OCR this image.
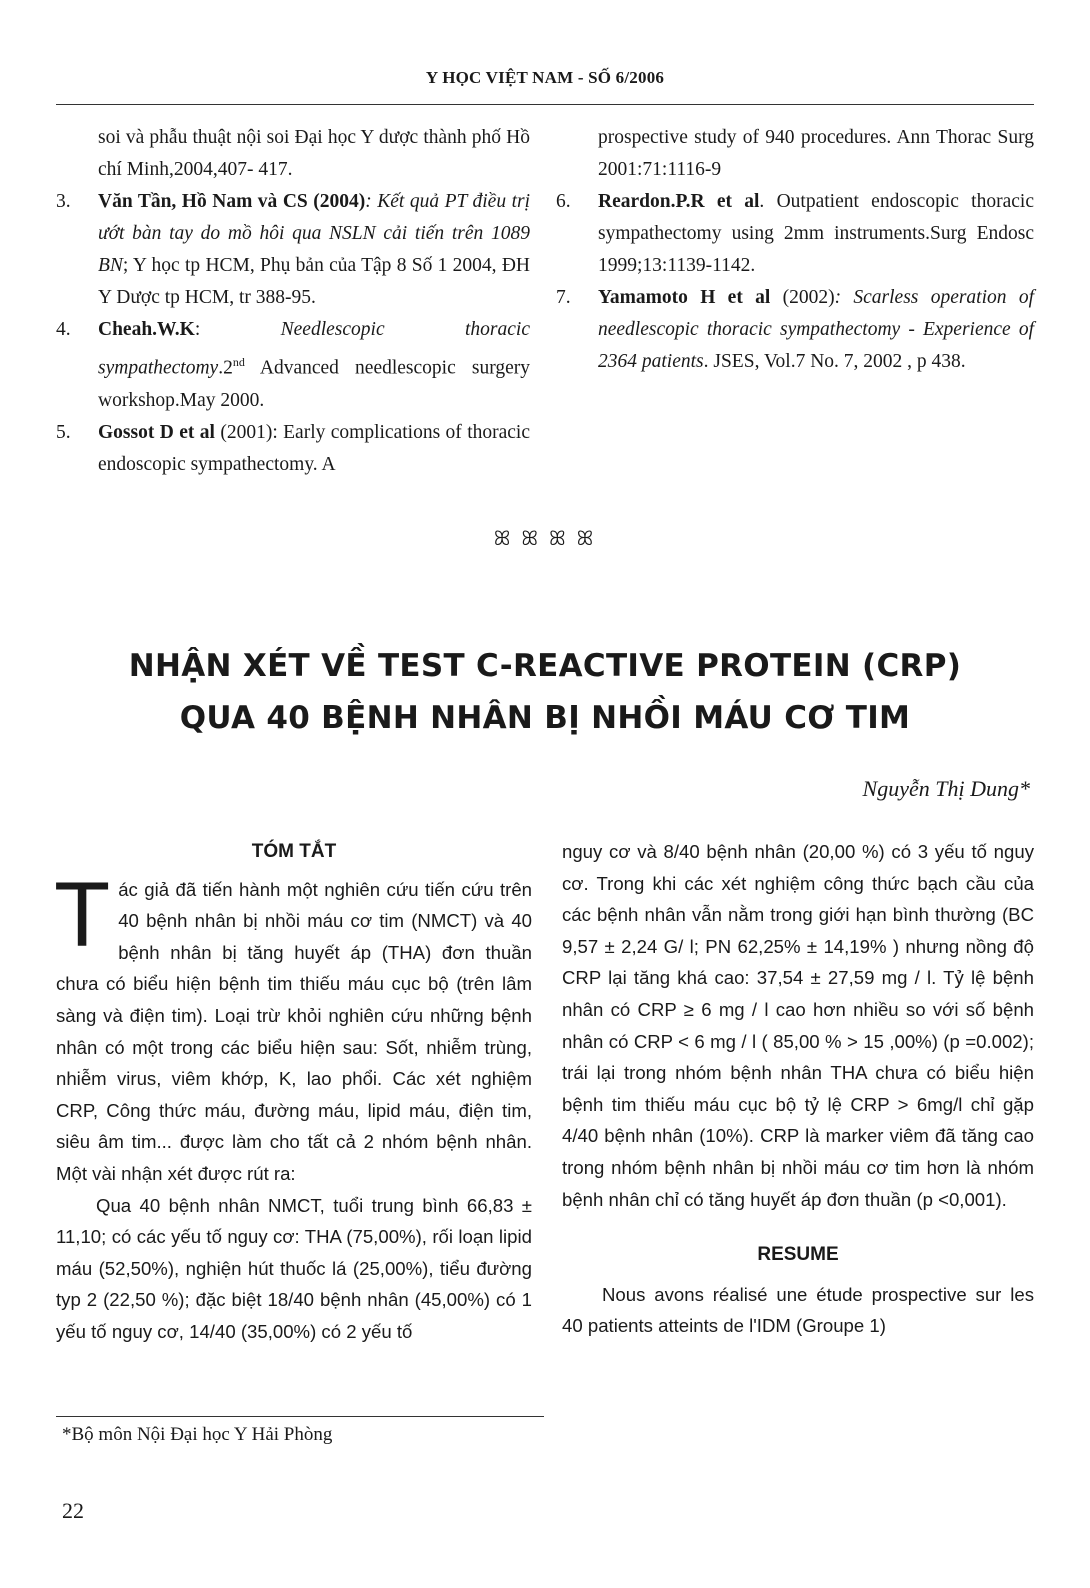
Y HỌC VIỆT NAM - SỐ 6/2006

soi và phẫu thuật nội soi Đại học Y dược thành phố Hồ chí Minh,2004,407- 417.

3. Văn Tần, Hồ Nam và CS (2004): Kết quả PT điều trị ướt bàn tay do mồ hôi qua NSLN cải tiến trên 1089 BN; Y học tp HCM, Phụ bản của Tập 8 Số 1 2004, ĐH Y Dược tp HCM, tr 388-95.

4. Cheah.W.K: Needlescopic thoracic sympathectomy.2nd Advanced needlescopic surgery workshop.May 2000.

5. Gossot D et al (2001): Early complications of thoracic endoscopic sympathectomy. A

prospective study of 940 procedures. Ann Thorac Surg 2001:71:1116-9

6. Reardon.P.R et al. Outpatient endoscopic thoracic sympathectomy using 2mm instruments.Surg Endosc 1999;13:1139-1142.

7. Yamamoto H et al (2002): Scarless operation of needlescopic thoracic sympathectomy - Experience of 2364 patients. JSES, Vol.7 No. 7, 2002 , p 438.

ꕤ ꕤ ꕤ ꕤ
NHẬN XÉT VỀ TEST C-REACTIVE PROTEIN (CRP)
QUA 40 BỆNH NHÂN BỊ NHỒI MÁU CƠ TIM
Nguyễn Thị Dung*

TÓM TẮT

Tác giả đã tiến hành một nghiên cứu tiến cứu trên 40 bệnh nhân bị nhồi máu cơ tim (NMCT) và 40 bệnh nhân bị tăng huyết áp (THA) đơn thuần chưa có biểu hiện bệnh tim thiếu máu cục bộ (trên lâm sàng và điện tim). Loại trừ khỏi nghiên cứu những bệnh nhân có một trong các biểu hiện sau: Sốt, nhiễm trùng, nhiễm virus, viêm khớp, K, lao phổi. Các xét nghiệm CRP, Công thức máu, đường máu, lipid máu, điện tim, siêu âm tim... được làm cho tất cả 2 nhóm bệnh nhân. Một vài nhận xét được rút ra:

Qua 40 bệnh nhân NMCT, tuổi trung bình 66,83 ± 11,10; có các yếu tố nguy cơ: THA (75,00%), rối loạn lipid máu (52,50%), nghiện hút thuốc lá (25,00%), tiểu đường typ 2 (22,50 %); đặc biệt 18/40 bệnh nhân (45,00%) có 1 yếu tố nguy cơ, 14/40 (35,00%) có 2 yếu tố

nguy cơ và 8/40 bệnh nhân (20,00 %) có 3 yếu tố nguy cơ. Trong khi các xét nghiệm công thức bạch cầu của các bệnh nhân vẫn nằm trong giới hạn bình thường (BC 9,57 ± 2,24 G/ l; PN 62,25% ± 14,19% ) nhưng nồng độ CRP lại tăng khá cao: 37,54 ± 27,59 mg / l. Tỷ lệ bệnh nhân có CRP ≥ 6 mg / l cao hơn nhiều so với số bệnh nhân có CRP < 6 mg / l ( 85,00 % > 15 ,00%) (p =0.002); trái lại trong nhóm bệnh nhân THA chưa có biểu hiện bệnh tim thiếu máu cục bộ tỷ lệ CRP > 6mg/l chỉ gặp 4/40 bệnh nhân (10%). CRP là marker viêm đã tăng cao trong nhóm bệnh nhân bị nhồi máu cơ tim hơn là nhóm bệnh nhân chỉ có tăng huyết áp đơn thuần (p <0,001).

RESUME

Nous avons réalisé une étude prospective sur les 40 patients atteints de l'IDM (Groupe 1)

*Bộ môn Nội Đại học Y Hải Phòng
22
